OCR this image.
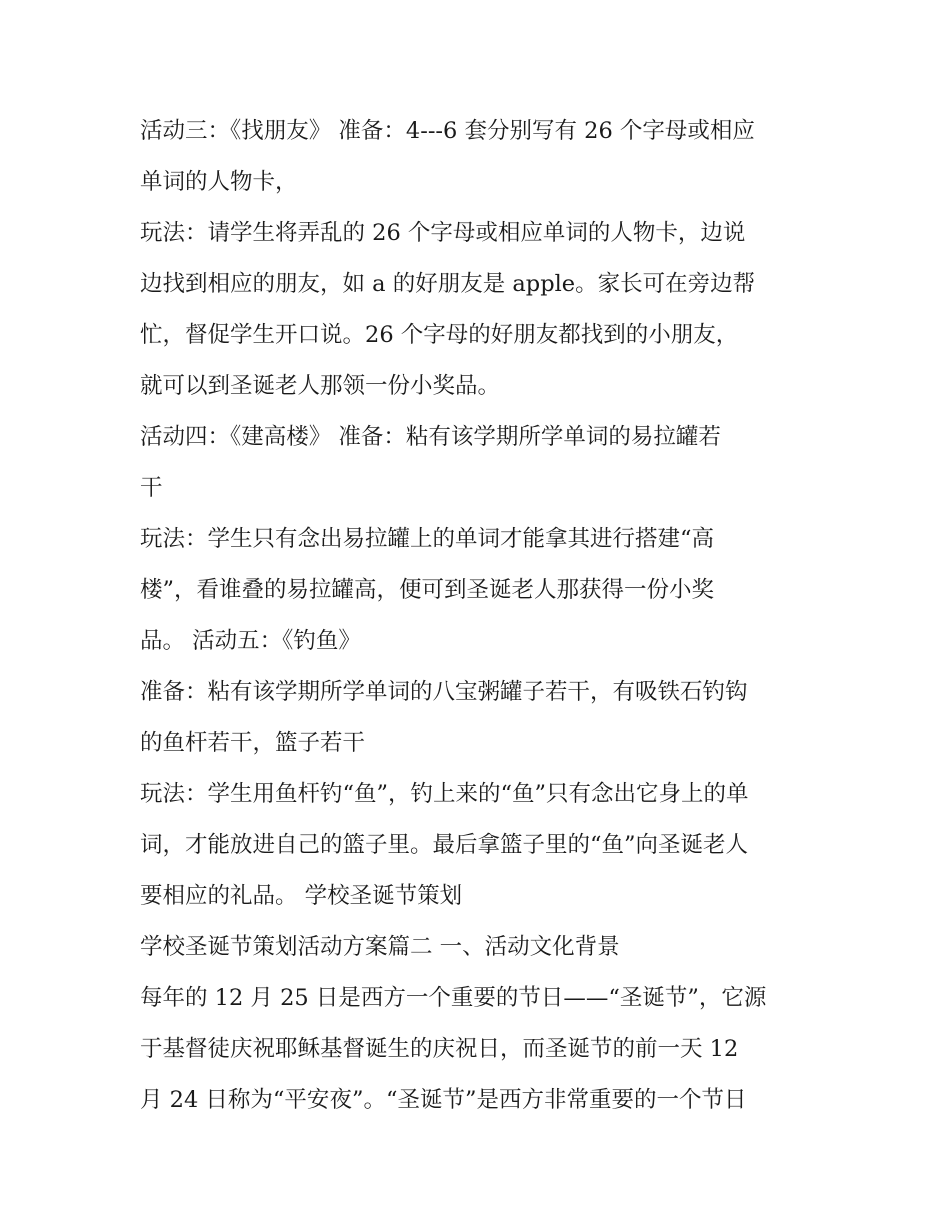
活动三：《找朋友》 准备：4---6 套分别写有 26 个字母或相应
单词的人物卡，
玩法：请学生将弄乱的 26 个字母或相应单词的人物卡，边说
边找到相应的朋友，如 a 的好朋友是 apple。家长可在旁边帮
忙，督促学生开口说。26 个字母的好朋友都找到的小朋友，
就可以到圣诞老人那领一份小奖品。
活动四：《建高楼》 准备：粘有该学期所学单词的易拉罐若
干
玩法：学生只有念出易拉罐上的单词才能拿其进行搭建“高
楼”，看谁叠的易拉罐高，便可到圣诞老人那获得一份小奖
品。 活动五：《钓鱼》
准备：粘有该学期所学单词的八宝粥罐子若干，有吸铁石钓钩
的鱼杆若干，篮子若干
玩法：学生用鱼杆钓“鱼”，钓上来的“鱼”只有念出它身上的单
词，才能放进自己的篮子里。最后拿篮子里的“鱼”向圣诞老人
要相应的礼品。 学校圣诞节策划
学校圣诞节策划活动方案篇二 一、活动文化背景
每年的 12 月 25 日是西方一个重要的节日——“圣诞节”，它源
于基督徒庆祝耶稣基督诞生的庆祝日，而圣诞节的前一天 12
月 24 日称为“平安夜”。“圣诞节”是西方非常重要的一个节日
